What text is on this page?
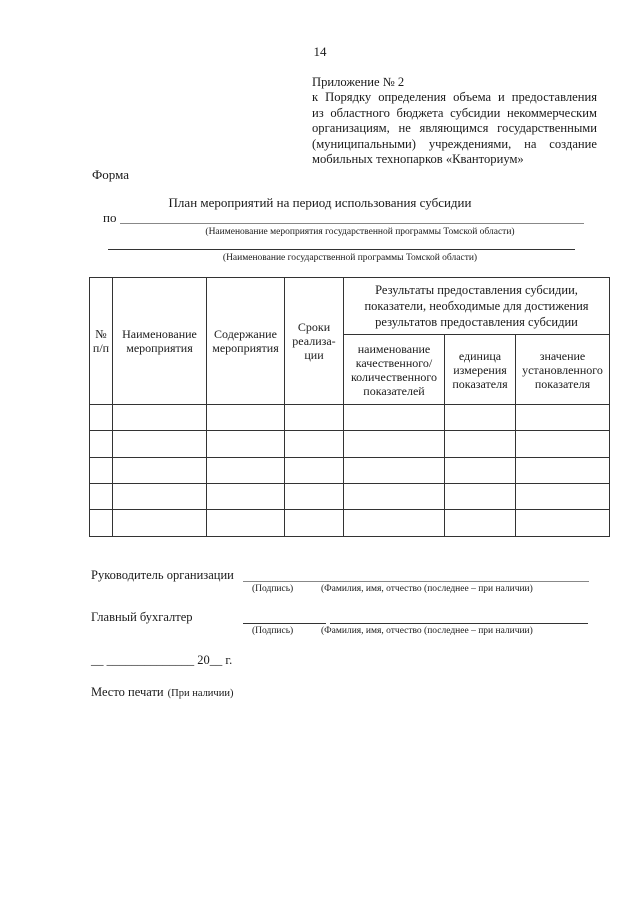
14
Приложение № 2
к Порядку определения объема и предоставления
из областного бюджета субсидии некоммерческим
организациям, не являющимся государственными
(муниципальными) учреждениями, на создание
мобильных технопарков «Кванториум»
Форма
План мероприятий на период использования субсидии
по
(Наименование мероприятия государственной программы Томской области)
(Наименование государственной программы Томской области)
№ п/п	Наименование мероприятия	Содержание мероприятия	Сроки реализа-ции	Результаты предоставления субсидии, показатели, необходимые для достижения результатов предоставления субсидии		
				наименование качественного/ количественного показателей	единица измерения показателя	значение установленного показателя

Руководитель организации
(Подпись)	(Фамилия, имя, отчество (последнее – при наличии)
Главный бухгалтер
(Подпись)	(Фамилия, имя, отчество (последнее – при наличии)
__ ______________ 20__ г.
Место печати (При наличии)
